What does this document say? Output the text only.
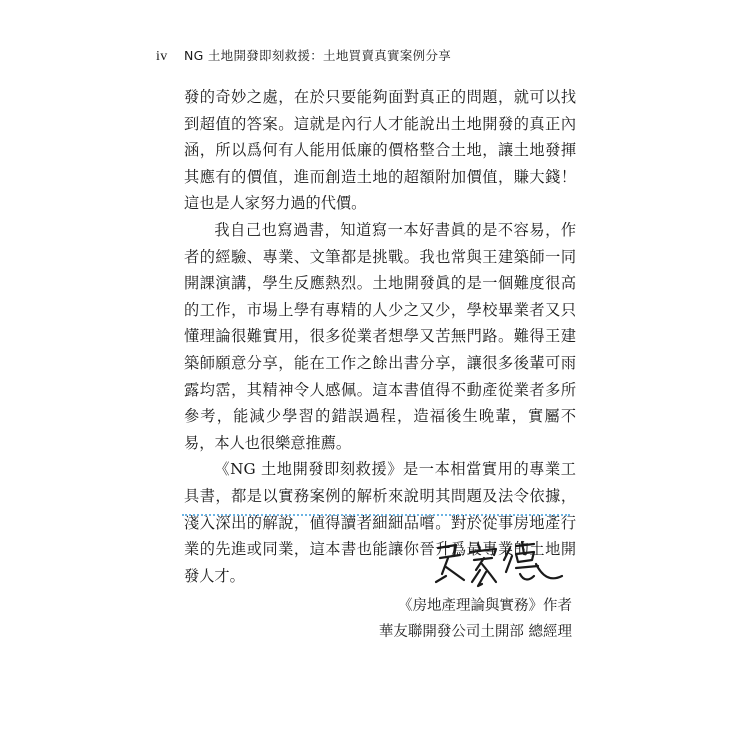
iv NG 土地開發即刻救援：土地買賣真實案例分享

發的奇妙之處，在於只要能夠面對真正的問題，就可以找到超值的答案。這就是內行人才能說出土地開發的真正內涵，所以爲何有人能用低廉的價格整合土地，讓土地發揮其應有的價值，進而創造土地的超額附加價值，賺大錢！這也是人家努力過的代價。

我自己也寫過書，知道寫一本好書眞的是不容易，作者的經驗、專業、文筆都是挑戰。我也常與王建築師一同開課演講，學生反應熱烈。土地開發眞的是一個難度很高的工作，市場上學有專精的人少之又少，學校畢業者又只懂理論很難實用，很多從業者想學又苦無門路。難得王建築師願意分享，能在工作之餘出書分享，讓很多後輩可雨露均霑，其精神令人感佩。這本書值得不動產從業者多所參考，能減少學習的錯誤過程，造福後生晚輩，實屬不易，本人也很樂意推薦。

《NG 土地開發即刻救援》是一本相當實用的專業工具書，都是以實務案例的解析來說明其問題及法令依據，淺入深出的解說，値得讀者細細品嚐。對於從事房地產行業的先進或同業，這本書也能讓你晉升爲最專業的土地開發人才。

《房地產理論與實務》作者
華友聯開發公司土開部 總經理
